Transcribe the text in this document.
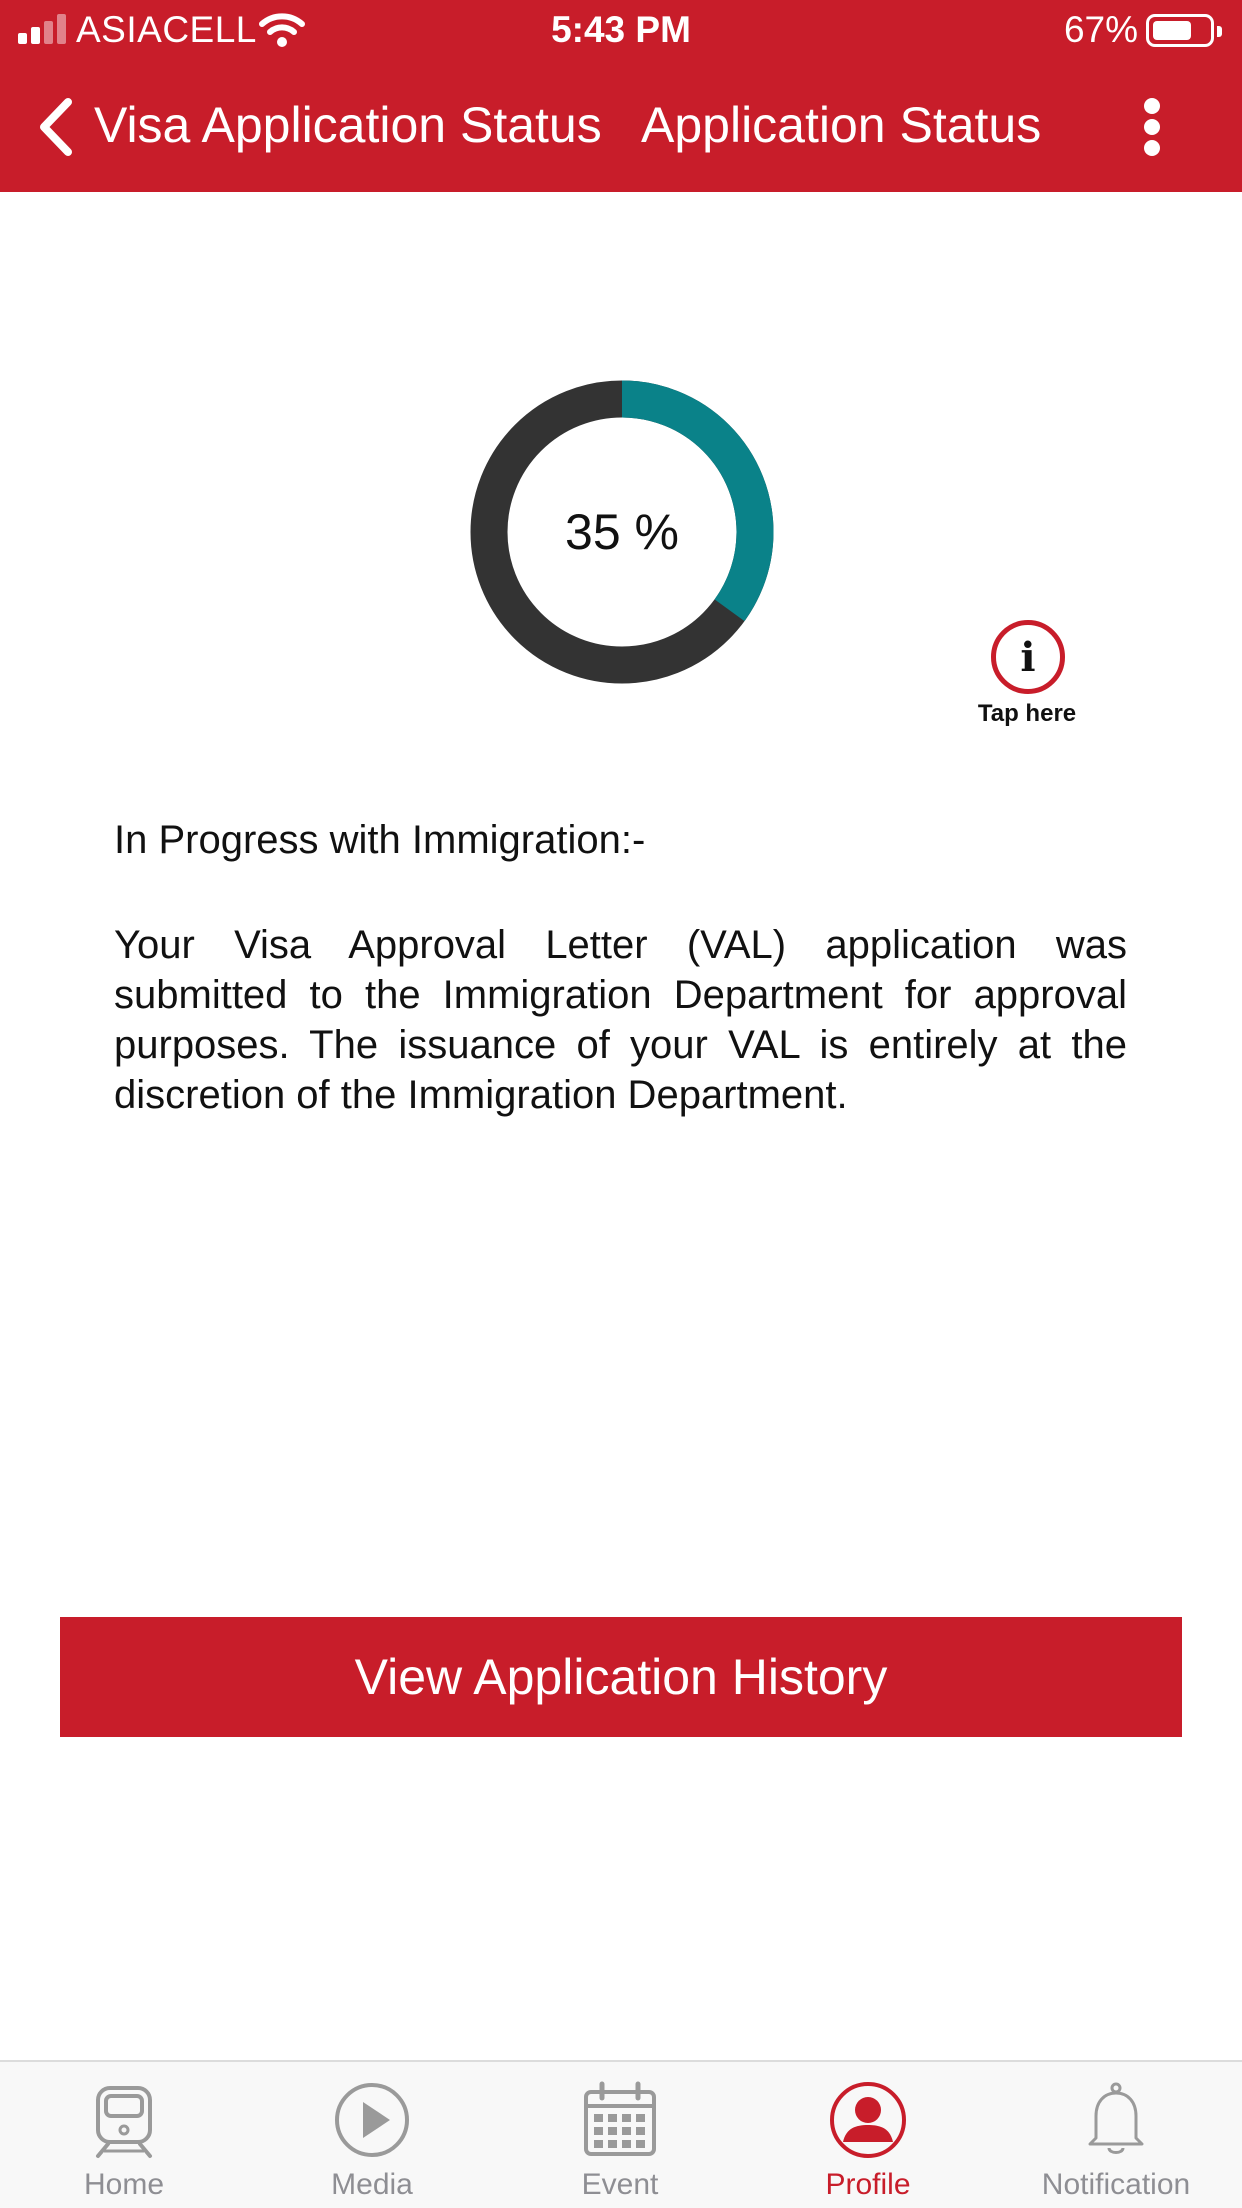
ASIACELL	5:43 PM	67%
Visa Application Status Application Status
35 %
i
Tap here
In Progress with Immigration:-
Your Visa Approval Letter (VAL) application was submitted to the Immigration Department for approval purposes. The issuance of your VAL is entirely at the discretion of the Immigration Department.
View Application History
Home	Media	Event	Profile	Notification
